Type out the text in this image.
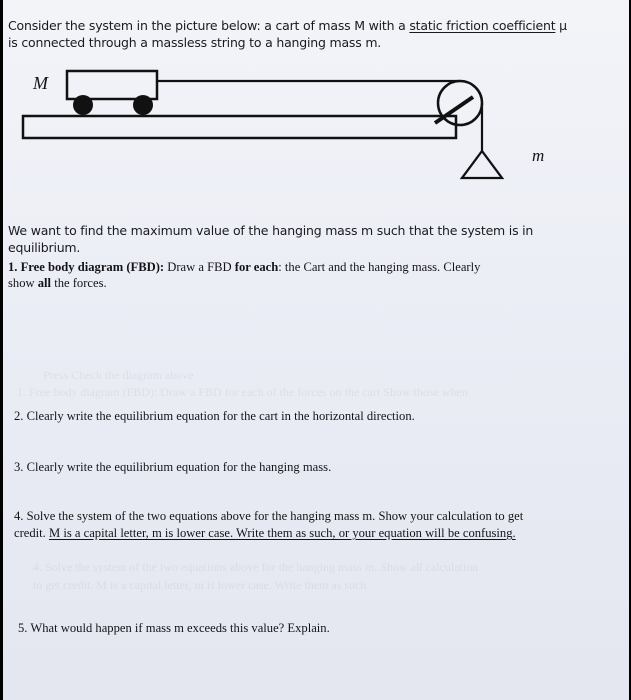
Consider the system in the picture below: a cart of mass M with a static friction coefficient μ
is connected through a massless string to a hanging mass m.
M
m
We want to find the maximum value of the hanging mass m such that the system is in
equilibrium.
1. Free body diagram (FBD): Draw a FBD for each: the Cart and the hanging mass. Clearly
show all the forces.
Press Check the diagram above
1. Free body diagram (FBD): Draw a FBD for each of the forces on the cart Show those when
4. Solve the system of the two equations above for the hanging mass m. Show all calculation
to get credit. M is a capital letter, m is lower case. Write them as such
2. Clearly write the equilibrium equation for the cart in the horizontal direction.
3. Clearly write the equilibrium equation for the hanging mass.
4. Solve the system of the two equations above for the hanging mass m. Show your calculation to get
credit. M is a capital letter, m is lower case. Write them as such, or your equation will be confusing.
5. What would happen if mass m exceeds this value? Explain.
